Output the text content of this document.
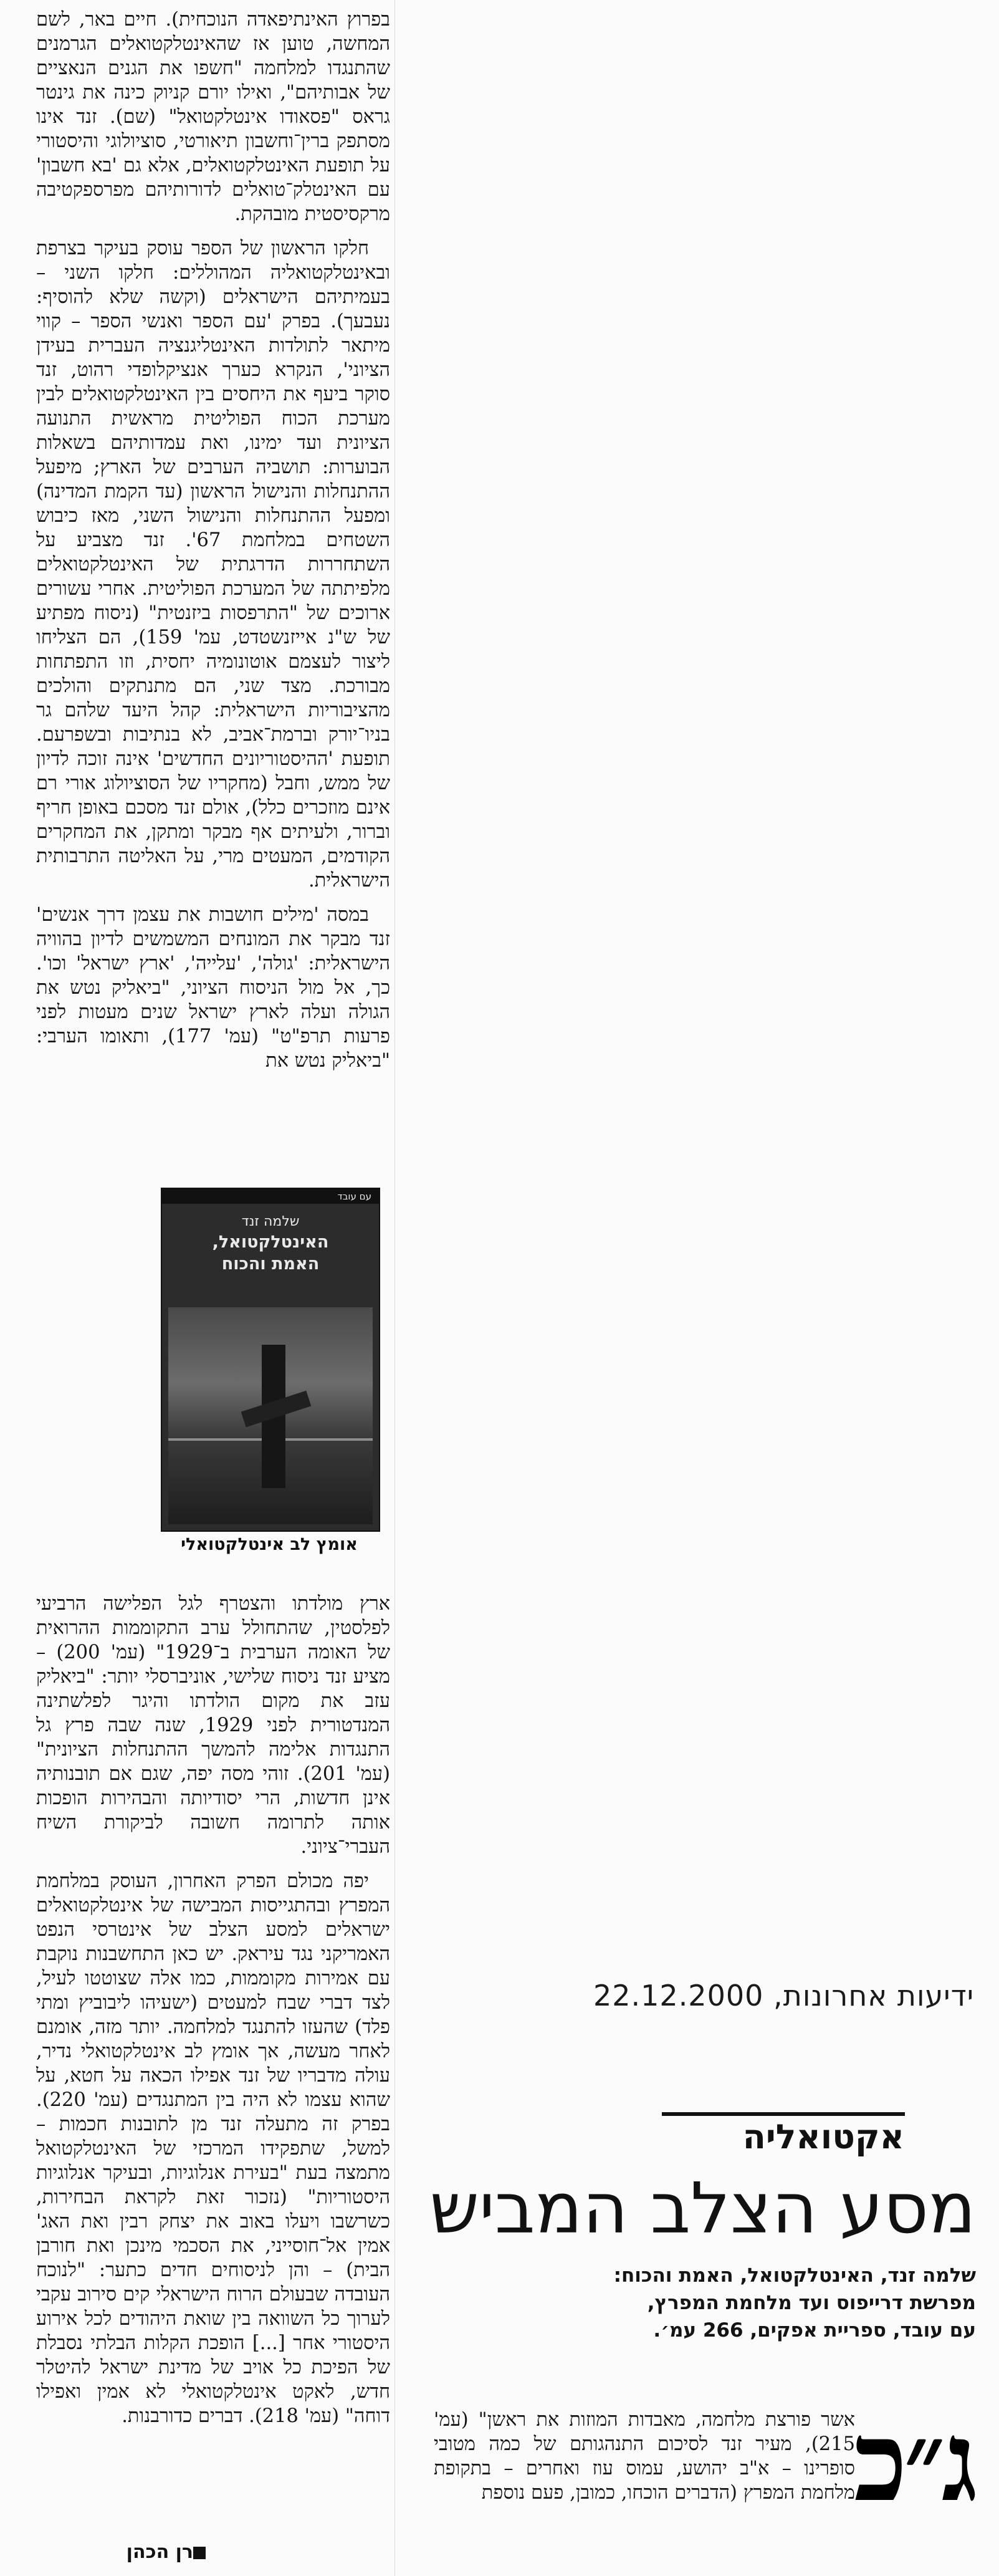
בפרוץ האינתיפאדה הנוכחית). חיים באר, לשם המחשה, טוען אז שהאינטלקטואלים הגרמנים שהתנגדו למלחמה "חשפו את הגנים הנאציים של אבותיהם", ואילו יורם קניוק כינה את גינטר גראס "פסאודו אינטלקטואל" (שם). זנד אינו מסתפק ברין־וחשבון תיאורטי, סוציולוגי והיסטורי על תופעת האינטלקטואלים, אלא גם 'בא חשבון' עם האינטלק־טואלים לדורותיהם מפרספקטיבה מרקסיסטית מובהקת.

חלקו הראשון של הספר עוסק בעיקר בצרפת ובאינטלקטואליה המהוללים: חלקו השני – בעמיתיהם הישראלים (וקשה שלא להוסיף: נעבעך). בפרק 'עם הספר ואנשי הספר – קווי מיתאר לתולדות האינטליגנציה העברית בעידן הציוני', הנקרא כערך אנציקלופדי רהוט, זנד סוקר ביעף את היחסים בין האינטלקטואלים לבין מערכת הכוח הפוליטית מראשית התנועה הציונית ועד ימינו, ואת עמדותיהם בשאלות הבוערות: תושביה הערבים של הארץ; מיפעל ההתנחלות והנישול הראשון (עד הקמת המדינה) ומפעל ההתנחלות והנישול השני, מאז כיבוש השטחים במלחמת 67'. זנד מצביע על השתחררות הדרגתית של האינטלקטואלים מלפיתתה של המערכת הפוליטית. אחרי עשורים ארוכים של "התרפסות ביזנטית" (ניסוח מפתיע של ש"נ אייזנשטדט, עמ' 159), הם הצליחו ליצור לעצמם אוטונומיה יחסית, וזו התפתחות מבורכת. מצד שני, הם מתנתקים והולכים מהציבוריות הישראלית: קהל היעד שלהם גר בניו־יורק וברמת־אביב, לא בנתיבות ובשפרעם. תופעת 'ההיסטוריונים החדשים' אינה זוכה לדיון של ממש, וחבל (מחקריו של הסוציולוג אורי רם אינם מוזכרים כלל), אולם זנד מסכם באופן חריף וברור, ולעיתים אף מבקר ומתקן, את המחקרים הקודמים, המעטים מרי, על האליטה התרבותית הישראלית.

במסה 'מילים חושבות את עצמן דרך אנשים' זנד מבקר את המונחים המשמשים לדיון בהוויה הישראלית: 'גולה', 'עלייה', 'ארץ ישראל' וכו'. כך, אל מול הניסוח הציוני, "ביאליק נטש את הגולה ועלה לארץ ישראל שנים מעטות לפני פרעות תרפ"ט" (עמ' 177), ותאומו הערבי: "ביאליק נטש את

עם עובד
שלמה זנד
האינטלקטואל,
האמת והכוח
אומץ לב אינטלקטואלי

ארץ מולדתו והצטרף לגל הפלישה הרביעי לפלסטין, שהתחולל ערב התקוממות ההרואית של האומה הערבית ב־1929" (עמ' 200) – מציע זנד ניסוח שלישי, אוניברסלי יותר: "ביאליק עזב את מקום הולדתו והיגר לפלשתינה המנדטורית לפני 1929, שנה שבה פרץ גל התנגדות אלימה להמשך ההתנחלות הציונית" (עמ' 201). זוהי מסה יפה, שגם אם תובנותיה אינן חדשות, הרי יסודיותה והבהירות הופכות אותה לתרומה חשובה לביקורת השיח העברי־ציוני.

יפה מכולם הפרק האחרון, העוסק במלחמת המפרץ ובהתגייסות המבישה של אינטלקטואלים ישראלים למסע הצלב של אינטרסי הנפט האמריקני נגד עיראק. יש כאן התחשבנות נוקבת עם אמירות מקוממות, כמו אלה שצוטטו לעיל, לצד דברי שבח למעטים (ישעיהו ליבוביץ ומתי פלד) שהעזו להתנגד למלחמה. יותר מזה, אומנם לאחר מעשה, אך אומץ לב אינטלקטואלי נדיר, עולה מדבריו של זנד אפילו הכאה על חטא, על שהוא עצמו לא היה בין המתנגדים (עמ' 220). בפרק זה מתעלה זנד מן לתובנות חכמות – למשל, שתפקידו המרכזי של האינטלקטואל מתמצה בעת "בעירת אנלוגיות, ובעיקר אנלוגיות היסטוריות" (נזכור זאת לקראת הבחירות, כשרשבו ויעלו באוב את יצחק רבין ואת האג' אמין אל־חוסייני, את הסכמי מינכן ואת חורבן הבית) – והן לניסוחים חדים כתער: "לנוכח העובדה שבעולם הרוח הישראלי קים סירוב עקבי לערוך כל השוואה בין שואת היהודים לכל אירוע היסטורי אחר [...] הופכת הקלות הבלתי נסבלת של הפיכת כל אויב של מדינת ישראל להיטלר חדש, לאקט אינטלקטואלי לא אמין ואפילו דוחה" (עמ' 218). דברים כדורבנות.

רן הכהן
ידיעות אחרונות, 22.12.2000
אקטואליה
מסע הצלב המביש
שלמה זנד, האינטלקטואל, האמת והכוח:
מפרשת דרייפוס ועד מלחמת המפרץ,
עם עובד, ספריית אפקים, 266 עמ׳.
ג״כ

אשר פורצת מלחמה, מאבדות המוזות את ראשן" (עמ' 215), מעיר זנד לסיכום התנהגותם של כמה מטובי סופרינו – א"ב יהושע, עמוס עוז ואחרים – בתקופת מלחמת המפרץ (הדברים הוכחו, כמובן, פעם נוספת
